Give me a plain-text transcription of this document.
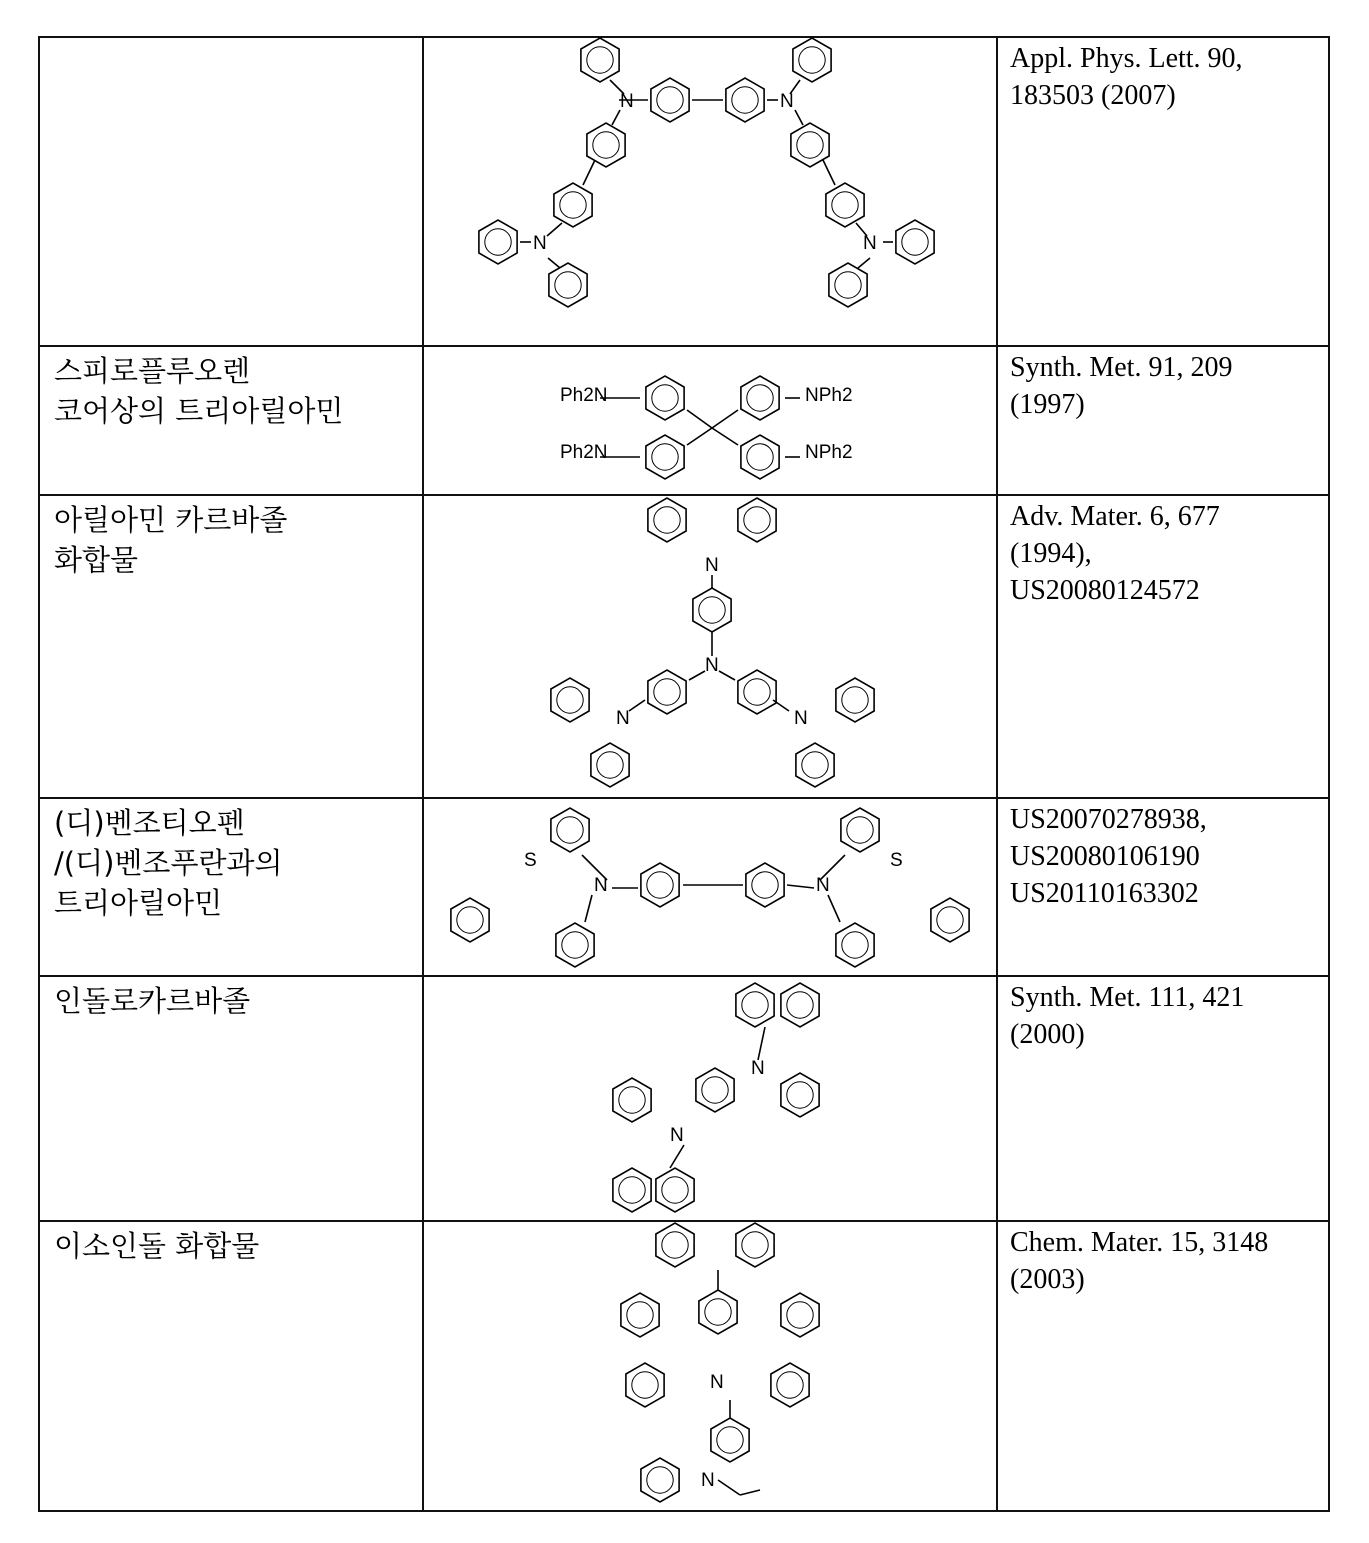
Appl. Phys. Lett. 90,
183503 (2007)

스피로플루오렌
코어상의 트리아릴아민

Synth. Met. 91, 209
(1997)

아릴아민 카르바졸
화합물

Adv. Mater. 6, 677
(1994),
US20080124572

(디)벤조티오펜
/(디)벤조푸란과의
트리아릴아민

US20070278938,
US20080106190
US20110163302

인돌로카르바졸		Synth. Met. 111, 421
(2000)

이소인돌 화합물		Chem. Mater. 15, 3148
(2003)
N	N
N	N
Ph2N	NPh2
Ph2N	NPh2
N
N
N	N
N	N
S	S
N
N
N
N
